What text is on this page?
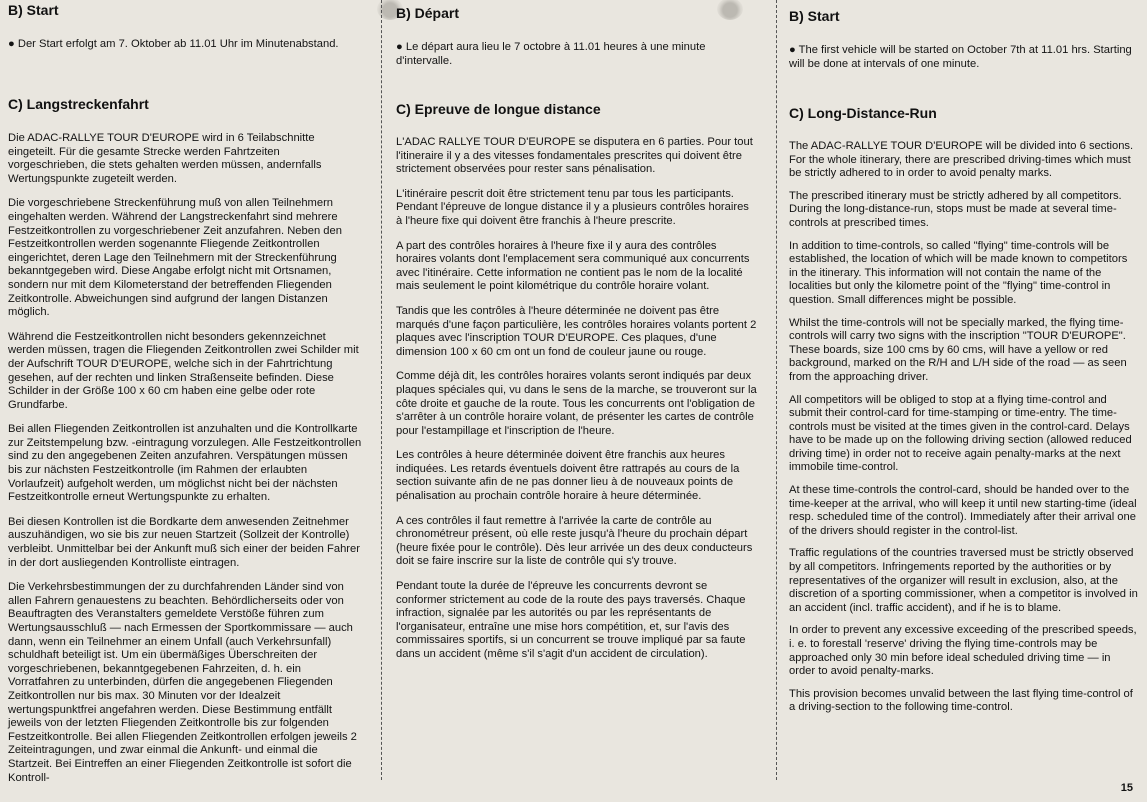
B) Start

● Der Start erfolgt am 7. Oktober ab 11.01 Uhr im Minutenabstand.

C) Langstreckenfahrt

Die ADAC-RALLYE TOUR D'EUROPE wird in 6 Teilabschnitte eingeteilt. Für die gesamte Strecke werden Fahrtzeiten vorgeschrieben, die stets gehalten werden müssen, andernfalls Wertungspunkte zugeteilt werden.

Die vorgeschriebene Streckenführung muß von allen Teilnehmern eingehalten werden. Während der Langstreckenfahrt sind mehrere Festzeitkontrollen zu vorgeschriebener Zeit anzufahren. Neben den Festzeitkontrollen werden sogenannte Fliegende Zeitkontrollen eingerichtet, deren Lage den Teilnehmern mit der Streckenführung bekanntgegeben wird. Diese Angabe erfolgt nicht mit Ortsnamen, sondern nur mit dem Kilometerstand der betreffenden Fliegenden Zeitkontrolle. Abweichungen sind aufgrund der langen Distanzen möglich.

Während die Festzeitkontrollen nicht besonders gekennzeichnet werden müssen, tragen die Fliegenden Zeitkontrollen zwei Schilder mit der Aufschrift TOUR D'EUROPE, welche sich in der Fahrtrichtung gesehen, auf der rechten und linken Straßenseite befinden. Diese Schilder in der Größe 100 x 60 cm haben eine gelbe oder rote Grundfarbe.

Bei allen Fliegenden Zeitkontrollen ist anzuhalten und die Kontrollkarte zur Zeitstempelung bzw. -eintragung vorzulegen. Alle Festzeitkontrollen sind zu den angegebenen Zeiten anzufahren. Verspätungen müssen bis zur nächsten Festzeitkontrolle (im Rahmen der erlaubten Vorlaufzeit) aufgeholt werden, um möglichst nicht bei der nächsten Festzeitkontrolle erneut Wertungspunkte zu erhalten.

Bei diesen Kontrollen ist die Bordkarte dem anwesenden Zeitnehmer auszuhändigen, wo sie bis zur neuen Startzeit (Sollzeit der Kontrolle) verbleibt. Unmittelbar bei der Ankunft muß sich einer der beiden Fahrer in der dort ausliegenden Kontrolliste eintragen.

Die Verkehrsbestimmungen der zu durchfahrenden Länder sind von allen Fahrern genauestens zu beachten. Behördlicherseits oder von Beauftragten des Veranstalters gemeldete Verstöße führen zum Wertungsausschluß — nach Ermessen der Sportkommissare — auch dann, wenn ein Teilnehmer an einem Unfall (auch Verkehrsunfall) schuldhaft beteiligt ist. Um ein übermäßiges Überschreiten der vorgeschriebenen, bekanntgegebenen Fahrzeiten, d. h. ein Vorratfahren zu unterbinden, dürfen die angegebenen Fliegenden Zeitkontrollen nur bis max. 30 Minuten vor der Idealzeit wertungspunktfrei angefahren werden. Diese Bestimmung entfällt jeweils von der letzten Fliegenden Zeitkontrolle bis zur folgenden Festzeitkontrolle. Bei allen Fliegenden Zeitkontrollen erfolgen jeweils 2 Zeiteintragungen, und zwar einmal die Ankunft- und einmal die Startzeit. Bei Eintreffen an einer Fliegenden Zeitkontrolle ist sofort die Kontroll-

B) Départ

● Le départ aura lieu le 7 octobre à 11.01 heures à une minute d'intervalle.

C) Epreuve de longue distance

L'ADAC RALLYE TOUR D'EUROPE se disputera en 6 parties. Pour tout l'itineraire il y a des vitesses fondamentales prescrites qui doivent être strictement observées pour rester sans pénalisation.

L'itinéraire pescrit doit être strictement tenu par tous les participants. Pendant l'épreuve de longue distance il y a plusieurs contrôles horaires à l'heure fixe qui doivent être franchis à l'heure prescrite.

A part des contrôles horaires à l'heure fixe il y aura des contrôles horaires volants dont l'emplacement sera communiqué aux concurrents avec l'itinéraire. Cette information ne contient pas le nom de la localité mais seulement le point kilométrique du contrôle horaire volant.

Tandis que les contrôles à l'heure déterminée ne doivent pas être marqués d'une façon particulière, les contrôles horaires volants portent 2 plaques avec l'inscription TOUR D'EUROPE. Ces plaques, d'une dimension 100 x 60 cm ont un fond de couleur jaune ou rouge.

Comme déjà dit, les contrôles horaires volants seront indiqués par deux plaques spéciales qui, vu dans le sens de la marche, se trouveront sur la côte droite et gauche de la route. Tous les concurrents ont l'obligation de s'arrêter à un contrôle horaire volant, de présenter les cartes de contrôle pour l'estampillage et l'inscription de l'heure.

Les contrôles à heure déterminée doivent être franchis aux heures indiquées. Les retards éventuels doivent être rattrapés au cours de la section suivante afin de ne pas donner lieu à de nouveaux points de pénalisation au prochain contrôle horaire à heure déterminée.

A ces contrôles il faut remettre à l'arrivée la carte de contrôle au chronométreur présent, où elle reste jusqu'à l'heure du prochain départ (heure fixée pour le contrôle). Dès leur arrivée un des deux conducteurs doit se faire inscrire sur la liste de contrôle qui s'y trouve.

Pendant toute la durée de l'épreuve les concurrents devront se conformer strictement au code de la route des pays traversés. Chaque infraction, signalée par les autorités ou par les représentants de l'organisateur, entraîne une mise hors compétition, et, sur l'avis des commissaires sportifs, si un concurrent se trouve impliqué par sa faute dans un accident (même s'il s'agit d'un accident de circulation).

B) Start

● The first vehicle will be started on October 7th at 11.01 hrs. Starting will be done at intervals of one minute.

C) Long-Distance-Run

The ADAC-RALLYE TOUR D'EUROPE will be divided into 6 sections. For the whole itinerary, there are prescribed driving-times which must be strictly adhered to in order to avoid penalty marks.

The prescribed itinerary must be strictly adhered by all competitors. During the long-distance-run, stops must be made at several time-controls at prescribed times.

In addition to time-controls, so called "flying" time-controls will be established, the location of which will be made known to competitors in the itinerary. This information will not contain the name of the localities but only the kilometre point of the "flying" time-control in question. Small differences might be possible.

Whilst the time-controls will not be specially marked, the flying time-controls will carry two signs with the inscription "TOUR D'EUROPE". These boards, size 100 cms by 60 cms, will have a yellow or red background, marked on the R/H and L/H side of the road — as seen from the approaching driver.

All competitors will be obliged to stop at a flying time-control and submit their control-card for time-stamping or time-entry. The time-controls must be visited at the times given in the control-card. Delays have to be made up on the following driving section (allowed reduced driving time) in order not to receive again penalty-marks at the next immobile time-control.

At these time-controls the control-card, should be handed over to the time-keeper at the arrival, who will keep it until new starting-time (ideal resp. scheduled time of the control). Immediately after their arrival one of the drivers should register in the control-list.

Traffic regulations of the countries traversed must be strictly observed by all competitors. Infringements reported by the authorities or by representatives of the organizer will result in exclusion, also, at the discretion of a sporting commissioner, when a competitor is involved in an accident (incl. traffic accident), and if he is to blame.

In order to prevent any excessive exceeding of the prescribed speeds, i. e. to forestall 'reserve' driving the flying time-controls may be approached only 30 min before ideal scheduled driving time — in order to avoid penalty-marks.

This provision becomes unvalid between the last flying time-control of a driving-section to the following time-control.

15
